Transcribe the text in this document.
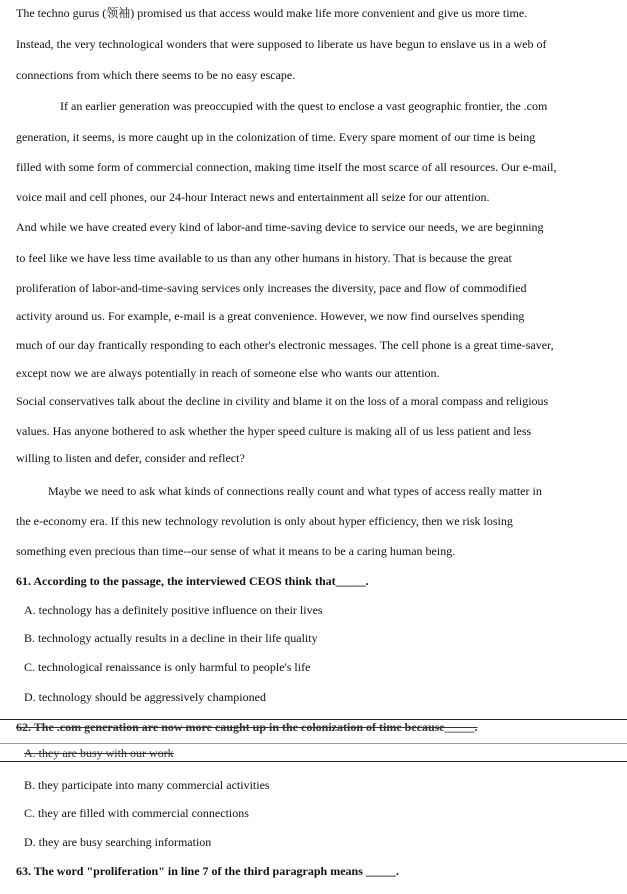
The techno gurus (领袖) promised us that access would make life more convenient and give us more time.
Instead, the very technological wonders that were supposed to liberate us have begun to enslave us in a web of
connections from which there seems to be no easy escape.
If an earlier generation was preoccupied with the quest to enclose a vast geographic frontier, the .com
generation, it seems, is more caught up in the colonization of time. Every spare moment of our time is being
filled with some form of commercial connection, making time itself the most scarce of all resources. Our e-mail,
voice mail and cell phones, our 24-hour Interact news and entertainment all seize for our attention.
And while we have created every kind of labor-and time-saving device to service our needs, we are beginning
to feel like we have less time available to us than any other humans in history. That is because the great
proliferation of labor-and-time-saving services only increases the diversity, pace and flow of commodified
activity around us. For example, e-mail is a great convenience. However, we now find ourselves spending
much of our day frantically responding to each other's electronic messages. The cell phone is a great time-saver,
except now we are always potentially in reach of someone else who wants our attention.
Social conservatives talk about the decline in civility and blame it on the loss of a moral compass and religious
values. Has anyone bothered to ask whether the hyper speed culture is making all of us less patient and less
willing to listen and defer, consider and reflect?
Maybe we need to ask what kinds of connections really count and what types of access really matter in
the e-economy era. If this new technology revolution is only about hyper efficiency, then we risk losing
something even precious than time--our sense of what it means to be a caring human being.
61. According to the passage, the interviewed CEOS think that_____.
A. technology has a definitely positive influence on their lives
B. technology actually results in a decline in their life quality
C. technological renaissance is only harmful to people's life
D. technology should be aggressively championed
62. The .com generation are now more caught up in the colonization of time because_____.
A. they are busy with our work
B. they participate into many commercial activities
C. they are filled with commercial connections
D. they are busy searching information
63. The word "proliferation" in line 7 of the third paragraph means _____.
